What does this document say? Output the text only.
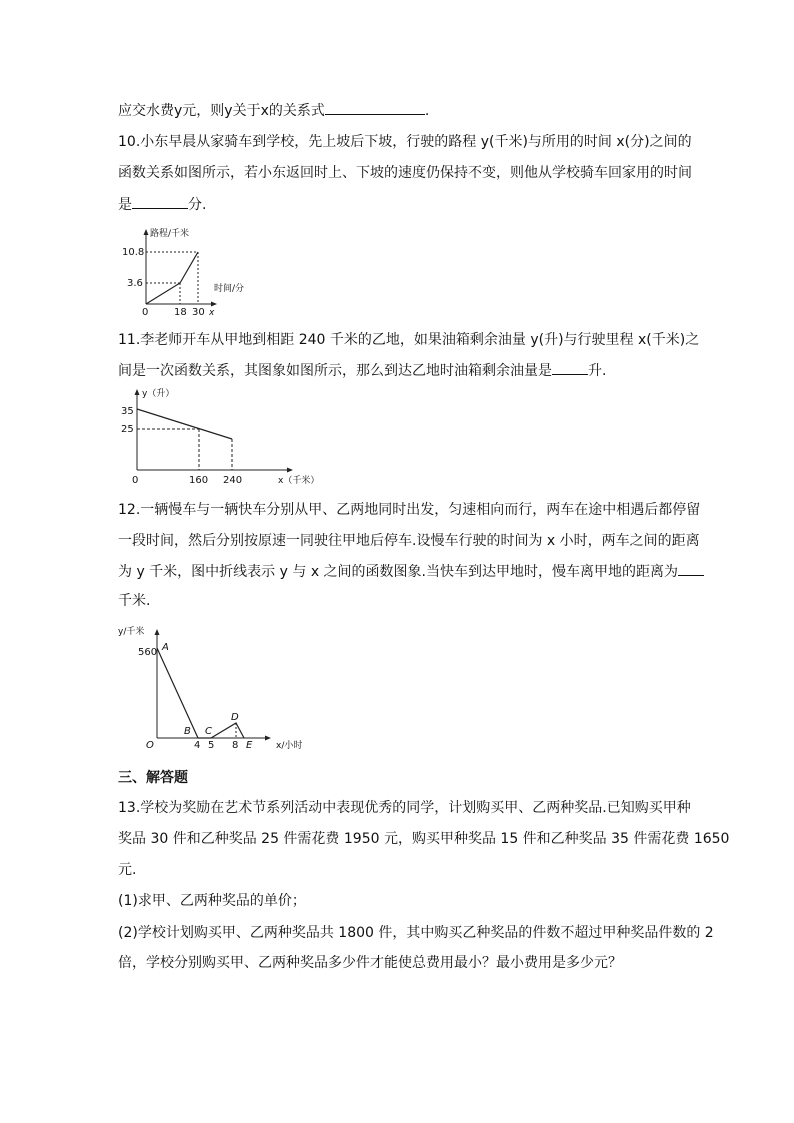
应交水费y元，则y关于x的关系式	.
10.小东早晨从家骑车到学校，先上坡后下坡，行驶的路程 y(千米)与所用的时间 x(分)之间的
函数关系如图所示，若小东返回时上、下坡的速度仍保持不变，则他从学校骑车回家用的时间
是	分.
路程/千米
时间/分
x
10.8
3.6
0	18 30
11.李老师开车从甲地到相距 240 千米的乙地，如果油箱剩余油量 y(升)与行驶里程 x(千米)之
间是一次函数关系，其图象如图所示，那么到达乙地时油箱剩余油量是	升.
y（升）
x（千米）
35
25
0	160 240
12.一辆慢车与一辆快车分别从甲、乙两地同时出发，匀速相向而行，两车在途中相遇后都停留
一段时间，然后分别按原速一同驶往甲地后停车.设慢车行驶的时间为 x 小时，两车之间的距离
为 y 千米，图中折线表示 y 与 x 之间的函数图象.当快车到达甲地时，慢车离甲地的距离为
千米.
y/千米
x/小时
560
O
A
B C
D
E
4 5 8
三、解答题
13.学校为奖励在艺术节系列活动中表现优秀的同学，计划购买甲、乙两种奖品.已知购买甲种
奖品 30 件和乙种奖品 25 件需花费 1950 元，购买甲种奖品 15 件和乙种奖品 35 件需花费 1650
元.
(1)求甲、乙两种奖品的单价；
(2)学校计划购买甲、乙两种奖品共 1800 件，其中购买乙种奖品的件数不超过甲种奖品件数的 2
倍，学校分别购买甲、乙两种奖品多少件才能使总费用最小？最小费用是多少元？
